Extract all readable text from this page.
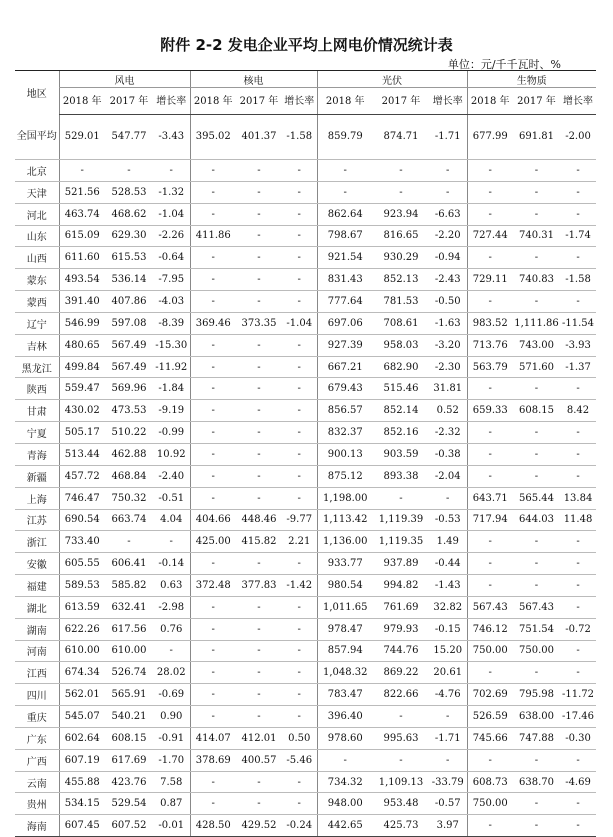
附件 2-2 发电企业平均上网电价情况统计表
单位：元/千千瓦时、%
地区	风电			核电			光伏			生物质		
	2018 年	2017 年	增长率	2018 年	2017 年	增长率	2018 年	2017 年	增长率	2018 年	2017 年	增长率
全国平均	529.01	547.77	-3.43	395.02	401.37	-1.58	859.79	874.71	-1.71	677.99	691.81	-2.00
北京	-	-	-	-	-	-	-	-	-	-	-	-
天津	521.56	528.53	-1.32	-	-	-	-	-	-	-	-	-
河北	463.74	468.62	-1.04	-	-	-	862.64	923.94	-6.63	-	-	-
山东	615.09	629.30	-2.26	411.86	-	-	798.67	816.65	-2.20	727.44	740.31	-1.74
山西	611.60	615.53	-0.64	-	-	-	921.54	930.29	-0.94	-	-	-
蒙东	493.54	536.14	-7.95	-	-	-	831.43	852.13	-2.43	729.11	740.83	-1.58
蒙西	391.40	407.86	-4.03	-	-	-	777.64	781.53	-0.50	-	-	-
辽宁	546.99	597.08	-8.39	369.46	373.35	-1.04	697.06	708.61	-1.63	983.52	1,111.86	-11.54
吉林	480.65	567.49	-15.30	-	-	-	927.39	958.03	-3.20	713.76	743.00	-3.93
黑龙江	499.84	567.49	-11.92	-	-	-	667.21	682.90	-2.30	563.79	571.60	-1.37
陕西	559.47	569.96	-1.84	-	-	-	679.43	515.46	31.81	-	-	-
甘肃	430.02	473.53	-9.19	-	-	-	856.57	852.14	0.52	659.33	608.15	8.42
宁夏	505.17	510.22	-0.99	-	-	-	832.37	852.16	-2.32	-	-	-
青海	513.44	462.88	10.92	-	-	-	900.13	903.59	-0.38	-	-	-
新疆	457.72	468.84	-2.40	-	-	-	875.12	893.38	-2.04	-	-	-
上海	746.47	750.32	-0.51	-	-	-	1,198.00	-	-	643.71	565.44	13.84
江苏	690.54	663.74	4.04	404.66	448.46	-9.77	1,113.42	1,119.39	-0.53	717.94	644.03	11.48
浙江	733.40	-	-	425.00	415.82	2.21	1,136.00	1,119.35	1.49	-	-	-
安徽	605.55	606.41	-0.14	-	-	-	933.77	937.89	-0.44	-	-	-
福建	589.53	585.82	0.63	372.48	377.83	-1.42	980.54	994.82	-1.43	-	-	-
湖北	613.59	632.41	-2.98	-	-	-	1,011.65	761.69	32.82	567.43	567.43	-
湖南	622.26	617.56	0.76	-	-	-	978.47	979.93	-0.15	746.12	751.54	-0.72
河南	610.00	610.00	-	-	-	-	857.94	744.76	15.20	750.00	750.00	-
江西	674.34	526.74	28.02	-	-	-	1,048.32	869.22	20.61	-	-	-
四川	562.01	565.91	-0.69	-	-	-	783.47	822.66	-4.76	702.69	795.98	-11.72
重庆	545.07	540.21	0.90	-	-	-	396.40	-	-	526.59	638.00	-17.46
广东	602.64	608.15	-0.91	414.07	412.01	0.50	978.60	995.63	-1.71	745.66	747.88	-0.30
广西	607.19	617.69	-1.70	378.69	400.57	-5.46	-	-	-	-	-	-
云南	455.88	423.76	7.58	-	-	-	734.32	1,109.13	-33.79	608.73	638.70	-4.69
贵州	534.15	529.54	0.87	-	-	-	948.00	953.48	-0.57	750.00	-	-
海南	607.45	607.52	-0.01	428.50	429.52	-0.24	442.65	425.73	3.97	-	-	-
